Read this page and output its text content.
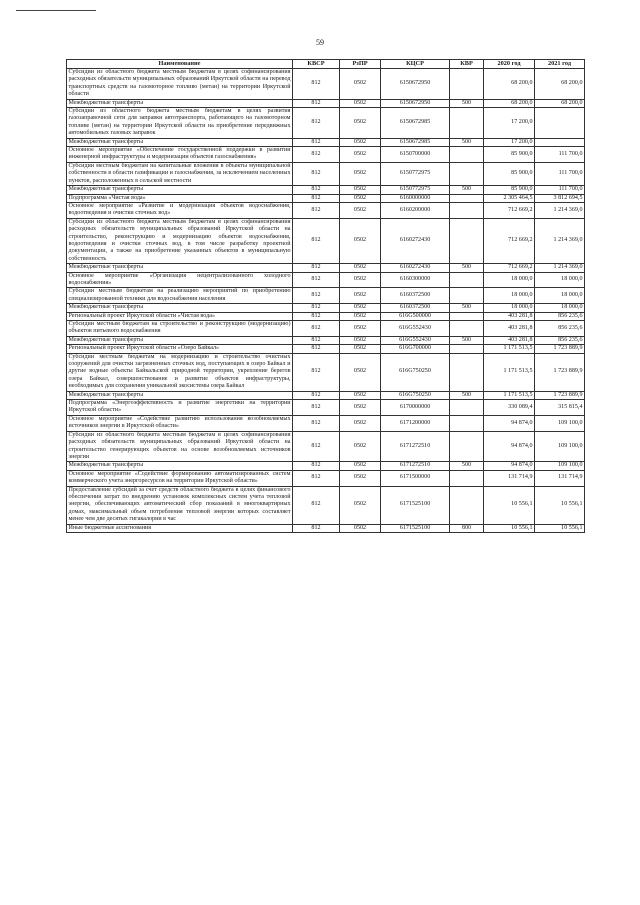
59
Наименование	КВСР	РзПР	КЦСР	КВР	2020 год	2021 год
Субсидии из областного бюджета местным бюджетам в целях софинансирования расходных обязательств муниципальных образований Иркутской области на перевод транспортных средств на газомоторное топливо (метан) на территории Иркутской области	812	0502	6150672950		68 200,0	68 200,0
Межбюджетные трансферты	812	0502	6150672950	500	68 200,0	68 200,0
Субсидии из областного бюджета местным бюджетам в целях развития газозаправочной сети для заправки автотранспорта, работающего на газомоторном топливе (метан) на территории Иркутской области на приобретение передвижных автомобильных газовых заправок	812	0502	6150672985		17 200,0	
Межбюджетные трансферты	812	0502	6150672985	500	17 200,0	
Основное мероприятие «Обеспечение государственной поддержки в развитии инженерной инфраструктуры и модернизации объектов газоснабжения»	812	0502	6150700000		85 900,0	111 700,0
Субсидии местным бюджетам на капитальные вложения в объекты муниципальной собственности в области газификации и газоснабжения, за исключением населенных пунктов, расположенных в сельской местности	812	0502	6150772975		85 900,0	111 700,0
Межбюджетные трансферты	812	0502	6150772975	500	85 900,0	111 700,0
Подпрограмма «Чистая вода»	812	0502	6160000000		2 305 464,5	3 812 694,5
Основное мероприятие «Развитие и модернизация объектов водоснабжения, водоотведения и очистки сточных вод»	812	0502	6160200000		712 669,2	1 214 369,0
Субсидии из областного бюджета местным бюджетам в целях софинансирования расходных обязательств муниципальных образований Иркутской области на строительство, реконструкцию и модернизацию объектов водоснабжения, водоотведения и очистки сточных вод, в том числе разработку проектной документации, а также на приобретение указанных объектов в муниципальную собственность	812	0502	6160272430		712 669,2	1 214 369,0
Межбюджетные трансферты	812	0502	6160272430	500	712 669,2	1 214 369,0
Основное мероприятие «Организация нецентрализованного холодного водоснабжения»	812	0502	6160300000		18 000,0	18 000,0
Субсидии местным бюджетам на реализацию мероприятий по приобретению специализированной техники для водоснабжения населения	812	0502	6160372500		18 000,0	18 000,0
Межбюджетные трансферты	812	0502	6160372500	500	18 000,0	18 000,0
Региональный проект Иркутской области «Чистая вода»	812	0502	616G500000		403 281,8	856 235,6
Субсидии местным бюджетам на строительство и реконструкцию (модернизацию) объектов питьевого водоснабжения	812	0502	616G552430		403 281,8	856 235,6
Межбюджетные трансферты	812	0502	616G552430	500	403 281,8	856 235,6
Региональный проект Иркутской области «Озеро Байкал»	812	0502	616G700000		1 171 513,5	1 723 889,9
Субсидии местным бюджетам на модернизацию и строительство очистных сооружений для очистки загрязненных сточных вод, поступающих в озеро Байкал и другие водные объекты Байкальской природной территории, укрепление берегов озера Байкал, совершенствование и развитие объектов инфраструктуры, необходимых для сохранения уникальной экосистемы озера Байкал	812	0502	616G750250		1 171 513,5	1 723 889,9
Межбюджетные трансферты	812	0502	616G750250	500	1 171 513,5	1 723 889,9
Подпрограмма «Энергоэффективность и развитие энергетики на территории Иркутской области»	812	0502	6170000000		330 089,4	315 815,4
Основное мероприятие «Содействие развитию использования возобновляемых источников энергии в Иркутской области»	812	0502	6171200000		94 874,0	109 100,0
Субсидии из областного бюджета местным бюджетам в целях софинансирования расходных обязательств муниципальных образований Иркутской области на строительство генерирующих объектов на основе возобновляемых источников энергии	812	0502	6171272510		94 874,0	109 100,0
Межбюджетные трансферты	812	0502	6171272510	500	94 874,0	109 100,0
Основное мероприятие «Содействие формированию автоматизированных систем коммерческого учета энергоресурсов на территории Иркутской области»	812	0502	6171500000		131 714,9	131 714,9
Предоставление субсидий за счет средств областного бюджета в целях финансового обеспечения затрат по внедрению установок комплексных систем учета тепловой энергии, обеспечивающих автоматический сбор показаний в многоквартирных домах, максимальный объем потребления тепловой энергии которых составляет менее чем две десятых гигакалории в час	812	0502	6171525100		10 556,1	10 556,1
Иные бюджетные ассигнования	812	0502	6171525100	800	10 556,1	10 556,1
